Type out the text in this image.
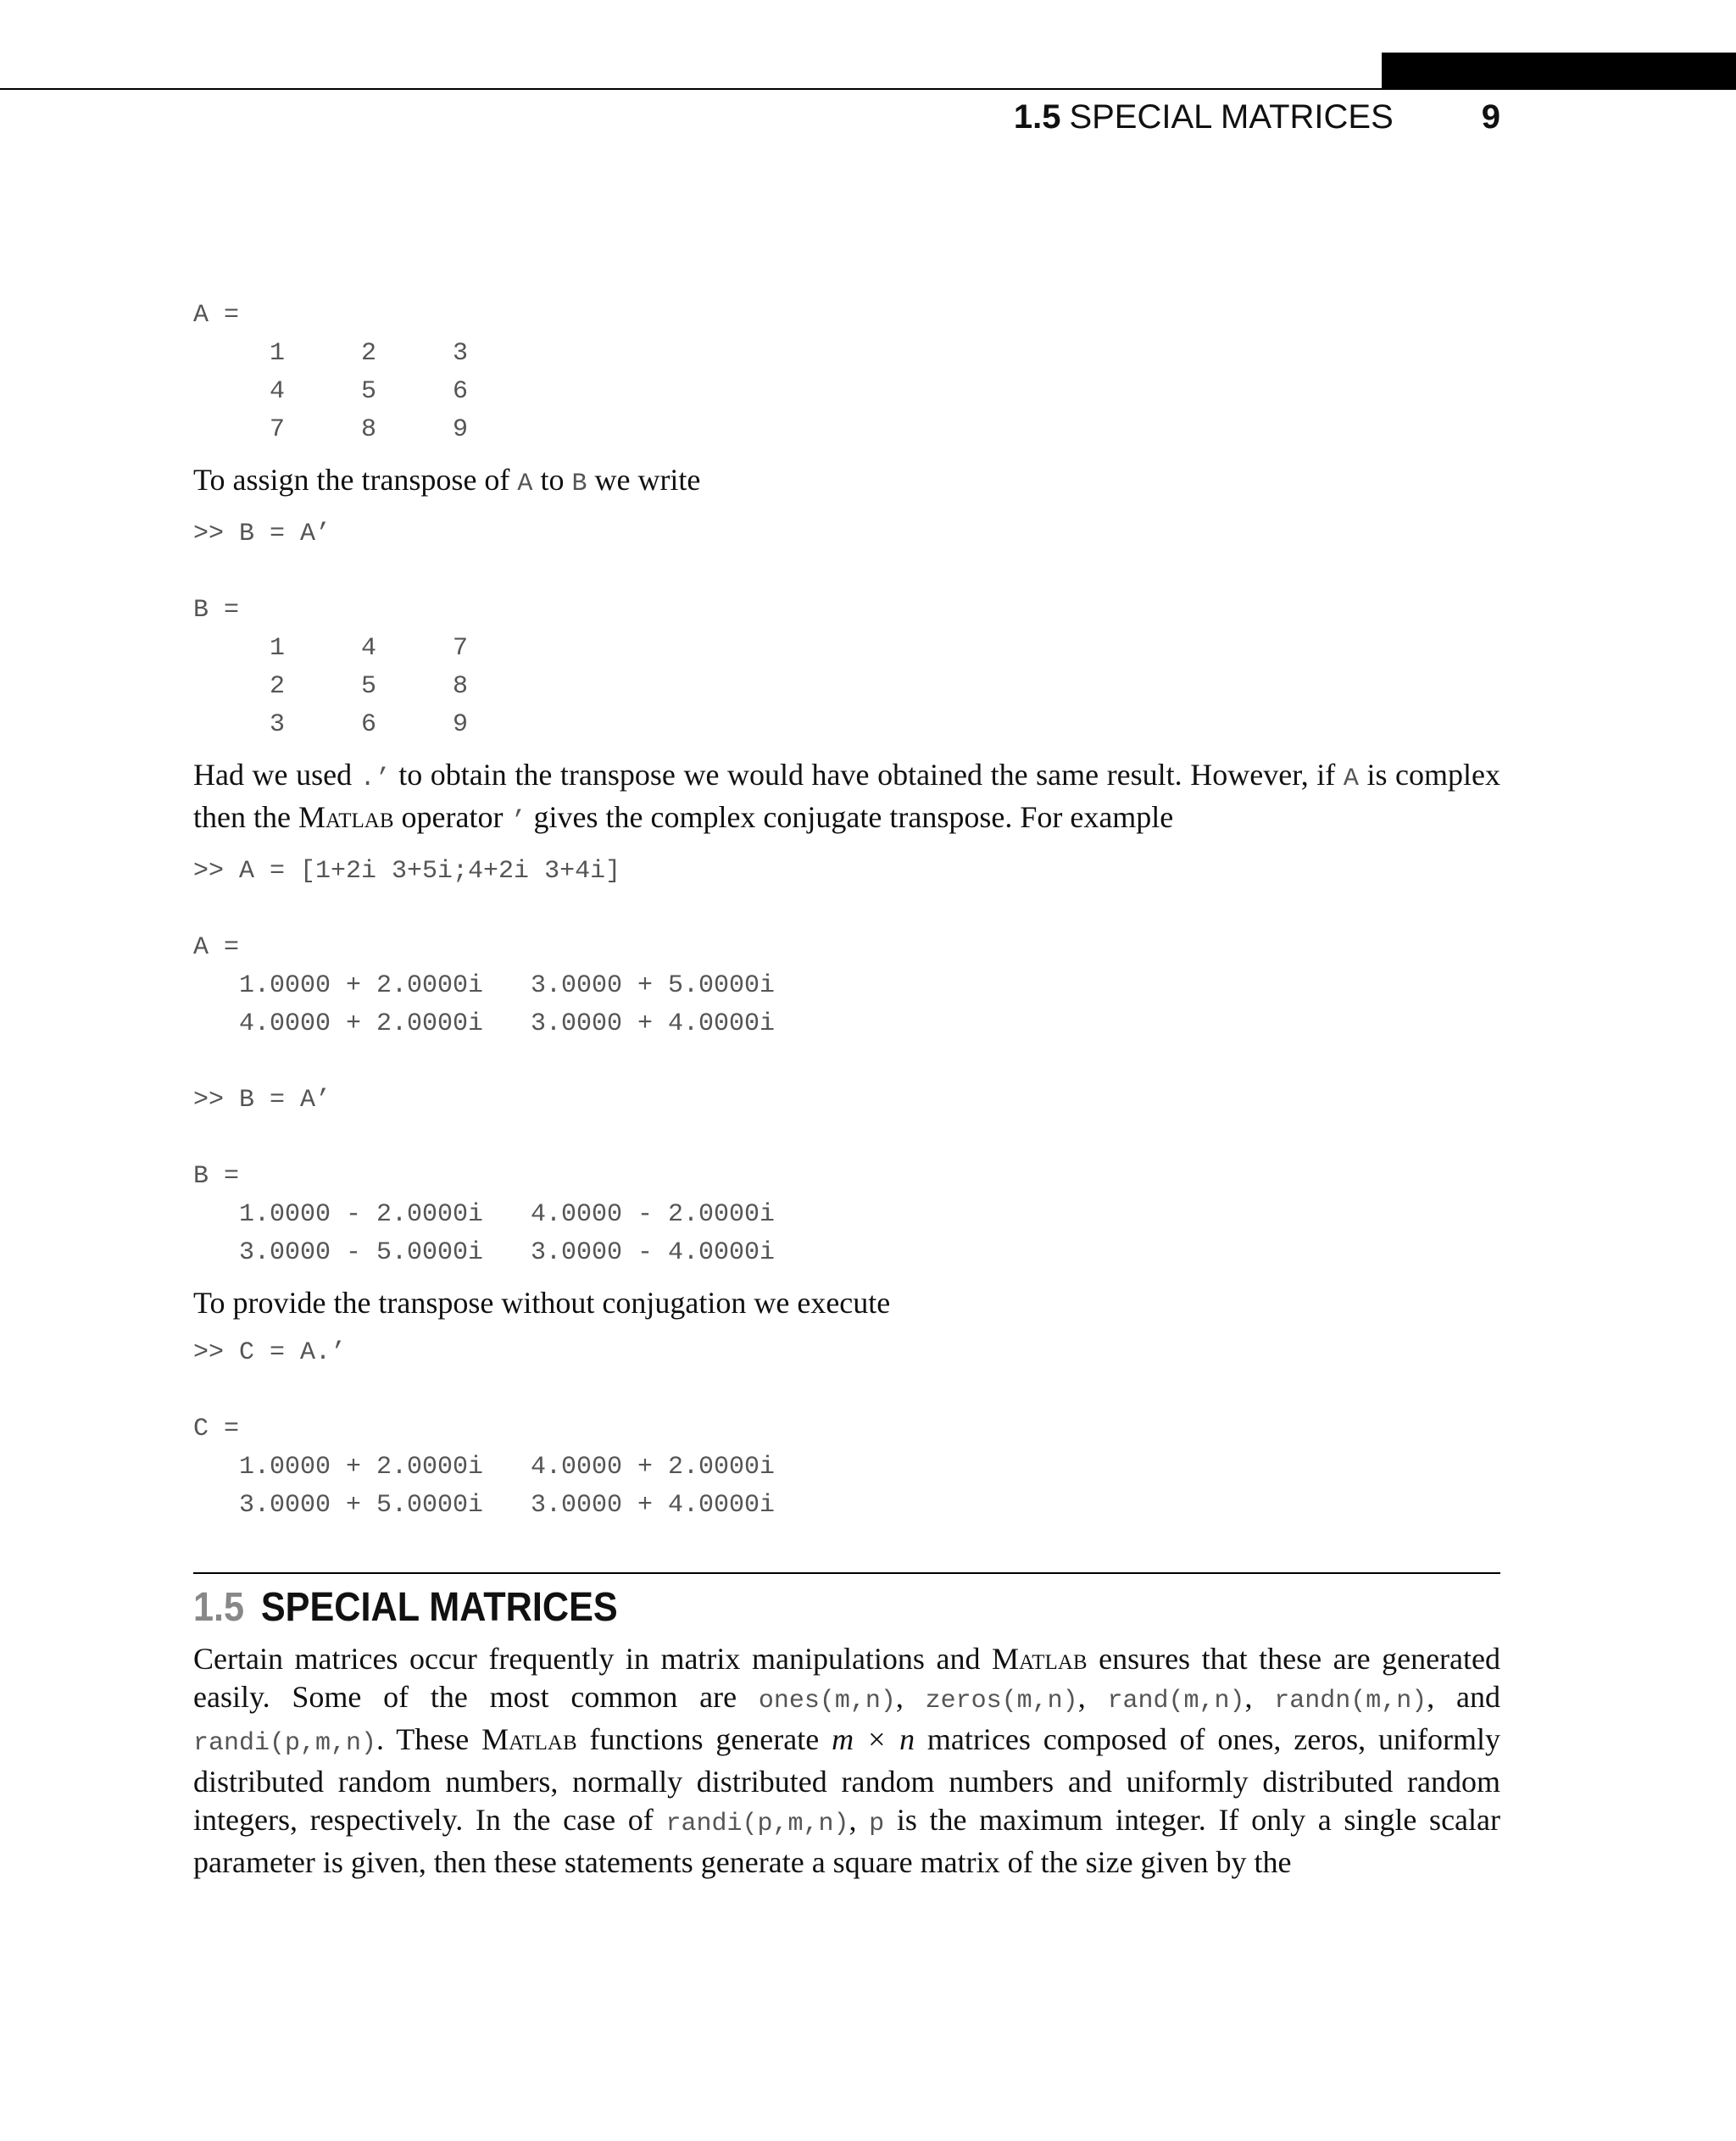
1.5 SPECIAL MATRICES	9
A =
1	2	3
4	5	6
7	8	9

To assign the transpose of A to B we write

>> B = A’
B =
1	4	7
2	5	8
3	6	9

Had we used .’ to obtain the transpose we would have obtained the same result. However, if A is complex then the Matlab operator ’ gives the complex conjugate transpose. For example

>> A = [1+2i 3+5i;4+2i 3+4i]
A =
1.0000 + 2.0000i	3.0000 + 5.0000i
4.0000 + 2.0000i	3.0000 + 4.0000i
>> B = A’
B =
1.0000 - 2.0000i	4.0000 - 2.0000i
3.0000 - 5.0000i	3.0000 - 4.0000i

To provide the transpose without conjugation we execute

>> C = A.’
C =
1.0000 + 2.0000i	4.0000 + 2.0000i
3.0000 + 5.0000i	3.0000 + 4.0000i
1.5 SPECIAL MATRICES

Certain matrices occur frequently in matrix manipulations and Matlab ensures that these are generated easily. Some of the most common are ones(m,n), zeros(m,n), rand(m,n), randn(m,n), and randi(p,m,n). These Matlab functions generate m × n matrices composed of ones, zeros, uniformly distributed random numbers, normally distributed random numbers and uniformly distributed random integers, respectively. In the case of randi(p,m,n), p is the maximum integer. If only a single scalar parameter is given, then these statements generate a square matrix of the size given by the
